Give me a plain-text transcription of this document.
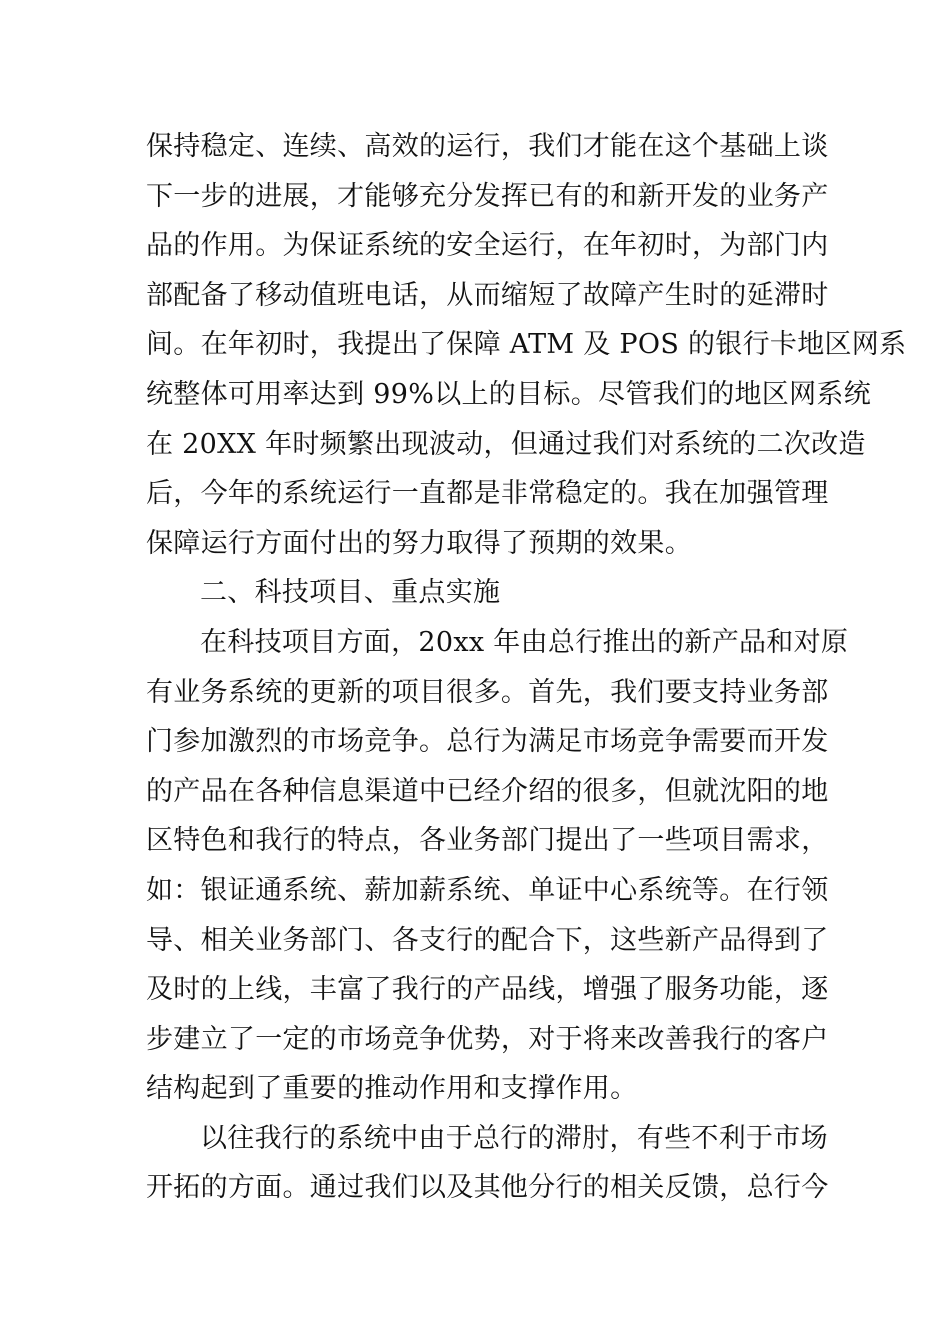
保持稳定、连续、高效的运行，我们才能在这个基础上谈
下一步的进展，才能够充分发挥已有的和新开发的业务产
品的作用。为保证系统的安全运行，在年初时，为部门内
部配备了移动值班电话，从而缩短了故障产生时的延滞时
间。在年初时，我提出了保障 ATM 及 POS 的银行卡地区网系
统整体可用率达到 99%以上的目标。尽管我们的地区网系统
在 20XX 年时频繁出现波动，但通过我们对系统的二次改造
后，今年的系统运行一直都是非常稳定的。我在加强管理
保障运行方面付出的努力取得了预期的效果。
二、科技项目、重点实施
在科技项目方面，20xx 年由总行推出的新产品和对原
有业务系统的更新的项目很多。首先，我们要支持业务部
门参加激烈的市场竞争。总行为满足市场竞争需要而开发
的产品在各种信息渠道中已经介绍的很多，但就沈阳的地
区特色和我行的特点，各业务部门提出了一些项目需求，
如：银证通系统、薪加薪系统、单证中心系统等。在行领
导、相关业务部门、各支行的配合下，这些新产品得到了
及时的上线，丰富了我行的产品线，增强了服务功能，逐
步建立了一定的市场竞争优势，对于将来改善我行的客户
结构起到了重要的推动作用和支撑作用。
以往我行的系统中由于总行的滞肘，有些不利于市场
开拓的方面。通过我们以及其他分行的相关反馈，总行今
